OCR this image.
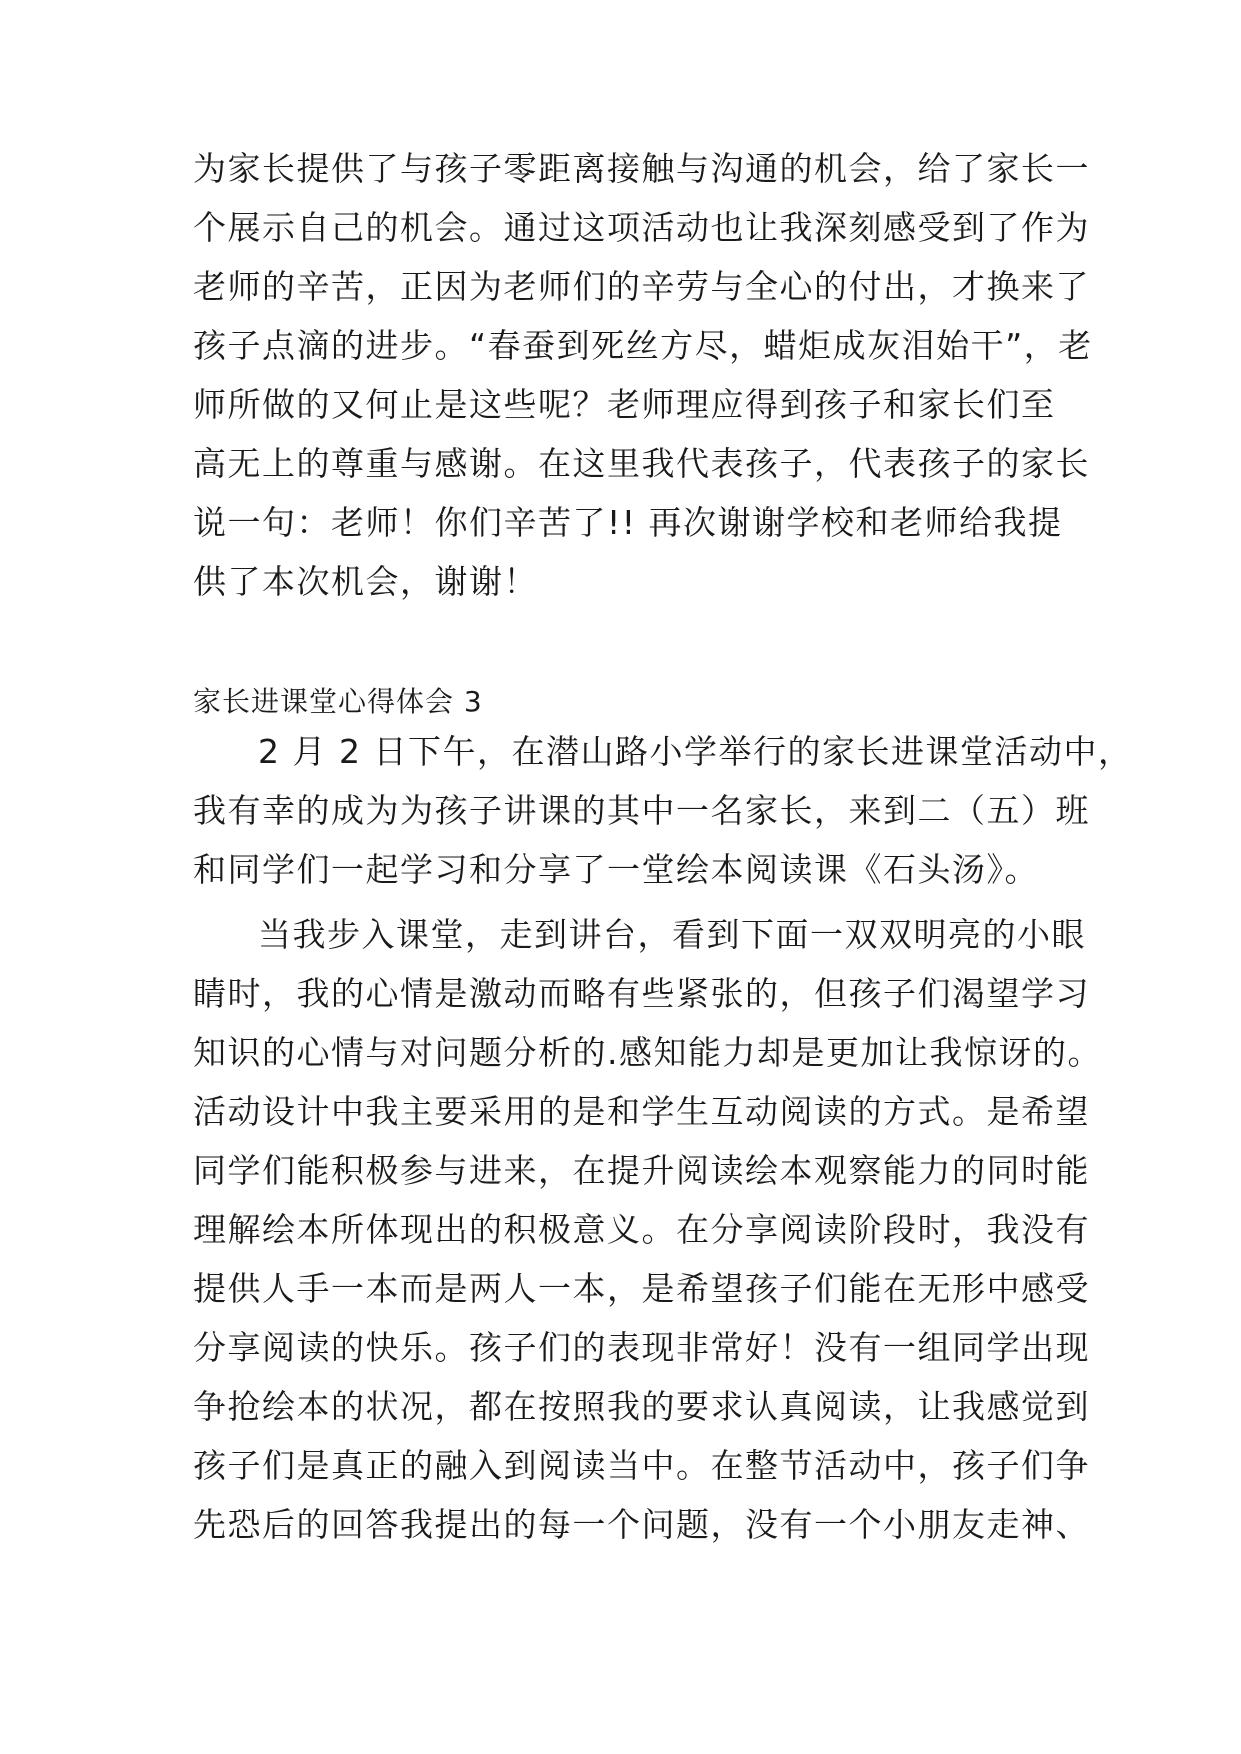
为家长提供了与孩子零距离接触与沟通的机会，给了家长一
个展示自己的机会。通过这项活动也让我深刻感受到了作为
老师的辛苦，正因为老师们的辛劳与全心的付出，才换来了
孩子点滴的进步。“春蚕到死丝方尽，蜡炬成灰泪始干”，老
师所做的又何止是这些呢？老师理应得到孩子和家长们至
高无上的尊重与感谢。在这里我代表孩子，代表孩子的家长
说一句：老师！你们辛苦了!! 再次谢谢学校和老师给我提
供了本次机会，谢谢！
家长进课堂心得体会 3
2 月 2 日下午，在潜山路小学举行的家长进课堂活动中，
我有幸的成为为孩子讲课的其中一名家长，来到二（五）班
和同学们一起学习和分享了一堂绘本阅读课《石头汤》。
当我步入课堂，走到讲台，看到下面一双双明亮的小眼
睛时，我的心情是激动而略有些紧张的，但孩子们渴望学习
知识的心情与对问题分析的.感知能力却是更加让我惊讶的。
活动设计中我主要采用的是和学生互动阅读的方式。是希望
同学们能积极参与进来，在提升阅读绘本观察能力的同时能
理解绘本所体现出的积极意义。在分享阅读阶段时，我没有
提供人手一本而是两人一本，是希望孩子们能在无形中感受
分享阅读的快乐。孩子们的表现非常好！没有一组同学出现
争抢绘本的状况，都在按照我的要求认真阅读，让我感觉到
孩子们是真正的融入到阅读当中。在整节活动中，孩子们争
先恐后的回答我提出的每一个问题，没有一个小朋友走神、
